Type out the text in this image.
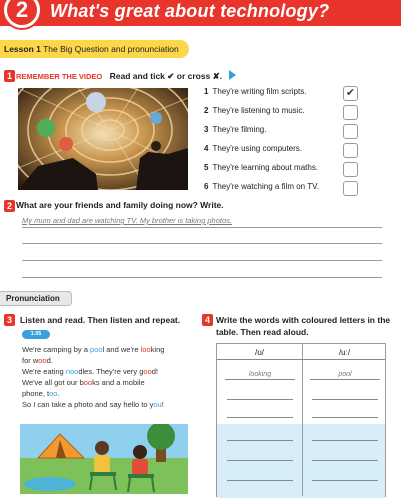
2	What's great about technology?
Lesson 1 The Big Question and pronunciation
1 REMEMBER THE VIDEO Read and tick ✔ or cross ✘.
1 They're writing film scripts.	✔
2 They're listening to music.
3 They're filming.
4 They're using computers.
5 They're learning about maths.
6 They're watching a film on TV.
2 What are your friends and family doing now? Write.
My mum and dad are watching TV. My brother is taking photos.
Pronunciation
3 Listen and read. Then listen and repeat. 1.05
We're camping by a pool and we're looking
for wood.
We're eating noodles. They're very good!
We've all got our books and a mobile
phone, too.
So I can take a photo and say hello to you!
4 Write the words with coloured letters in the table. Then read aloud.
/ʊ/	/uː/
looking	pool
